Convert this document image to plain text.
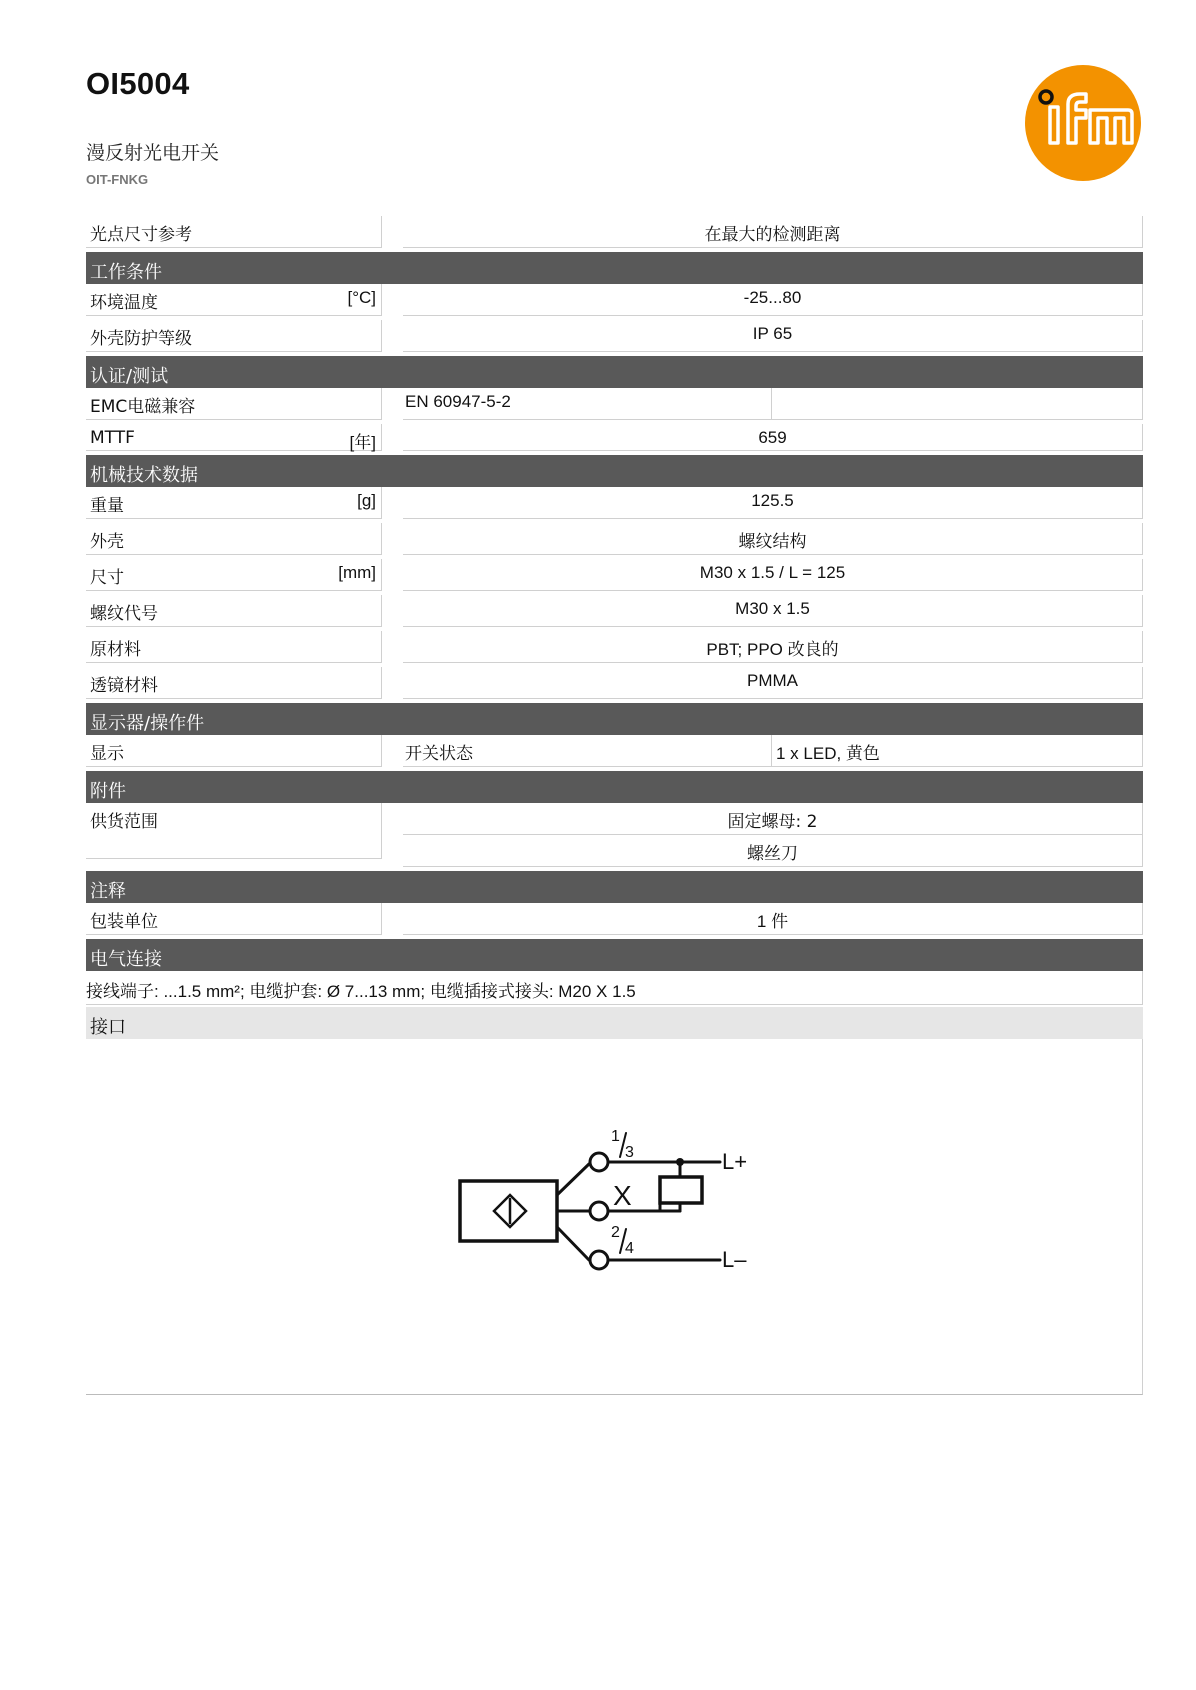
OI5004
漫反射光电开关
OIT-FNKG
光点尺寸参考	在最大的检测距离
工作条件
环境温度	[°C]	-25...80
外壳防护等级	IP 65
认证/测试
EMC电磁兼容	EN 60947-5-2
MTTF	[年]	659
机械技术数据
重量	[g]	125.5
外壳	螺纹结构
尺寸	[mm]	M30 x 1.5 / L = 125
螺纹代号	M30 x 1.5
原材料	PBT; PPO 改良的
透镜材料	PMMA
显示器/操作件
显示	开关状态	1 x LED, 黄色
附件
供货范围	固定螺母: 2
螺丝刀
注释
包装单位	1 件
电气连接
接线端子: ...1.5 mm²; 电缆护套: Ø 7...13 mm; 电缆插接式接头: M20 X 1.5
接口
1
3
2
4
X
L+
L–
